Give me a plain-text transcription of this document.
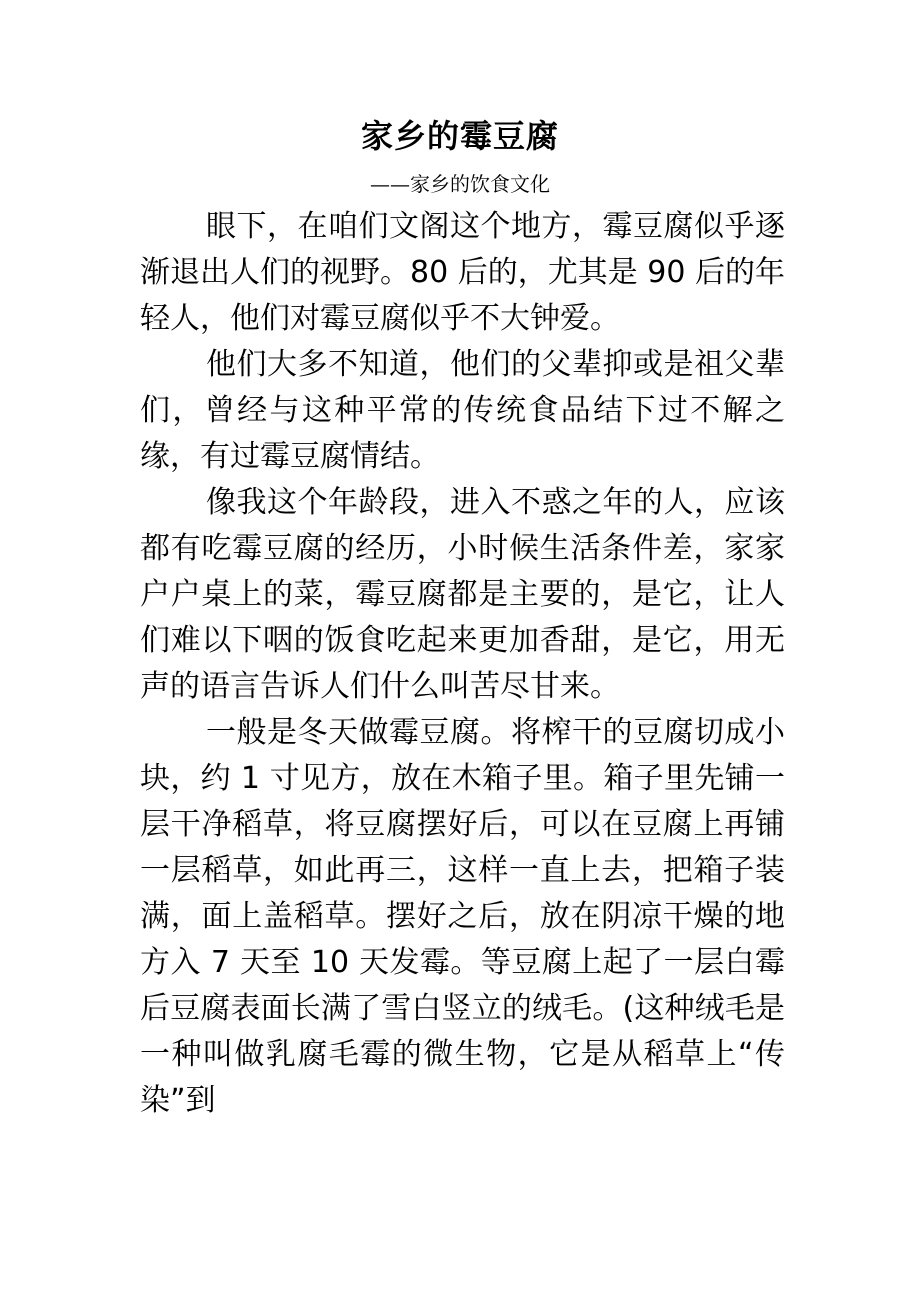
家乡的霉豆腐
——家乡的饮食文化

眼下，在咱们文阁这个地方，霉豆腐似乎逐渐退出人们的视野。80 后的，尤其是 90 后的年轻人，他们对霉豆腐似乎不大钟爱。

他们大多不知道，他们的父辈抑或是祖父辈们，曾经与这种平常的传统食品结下过不解之缘，有过霉豆腐情结。

像我这个年龄段，进入不惑之年的人，应该都有吃霉豆腐的经历，小时候生活条件差，家家户户桌上的菜，霉豆腐都是主要的，是它，让人们难以下咽的饭食吃起来更加香甜，是它，用无声的语言告诉人们什么叫苦尽甘来。

一般是冬天做霉豆腐。将榨干的豆腐切成小块，约 1 寸见方，放在木箱子里。箱子里先铺一层干净稻草，将豆腐摆好后，可以在豆腐上再铺一层稻草，如此再三，这样一直上去，把箱子装满，面上盖稻草。摆好之后，放在阴凉干燥的地方入 7 天至 10 天发霉。等豆腐上起了一层白霉后豆腐表面长满了雪白竖立的绒毛。(这种绒毛是一种叫做乳腐毛霉的微生物，它是从稻草上“传染”到
